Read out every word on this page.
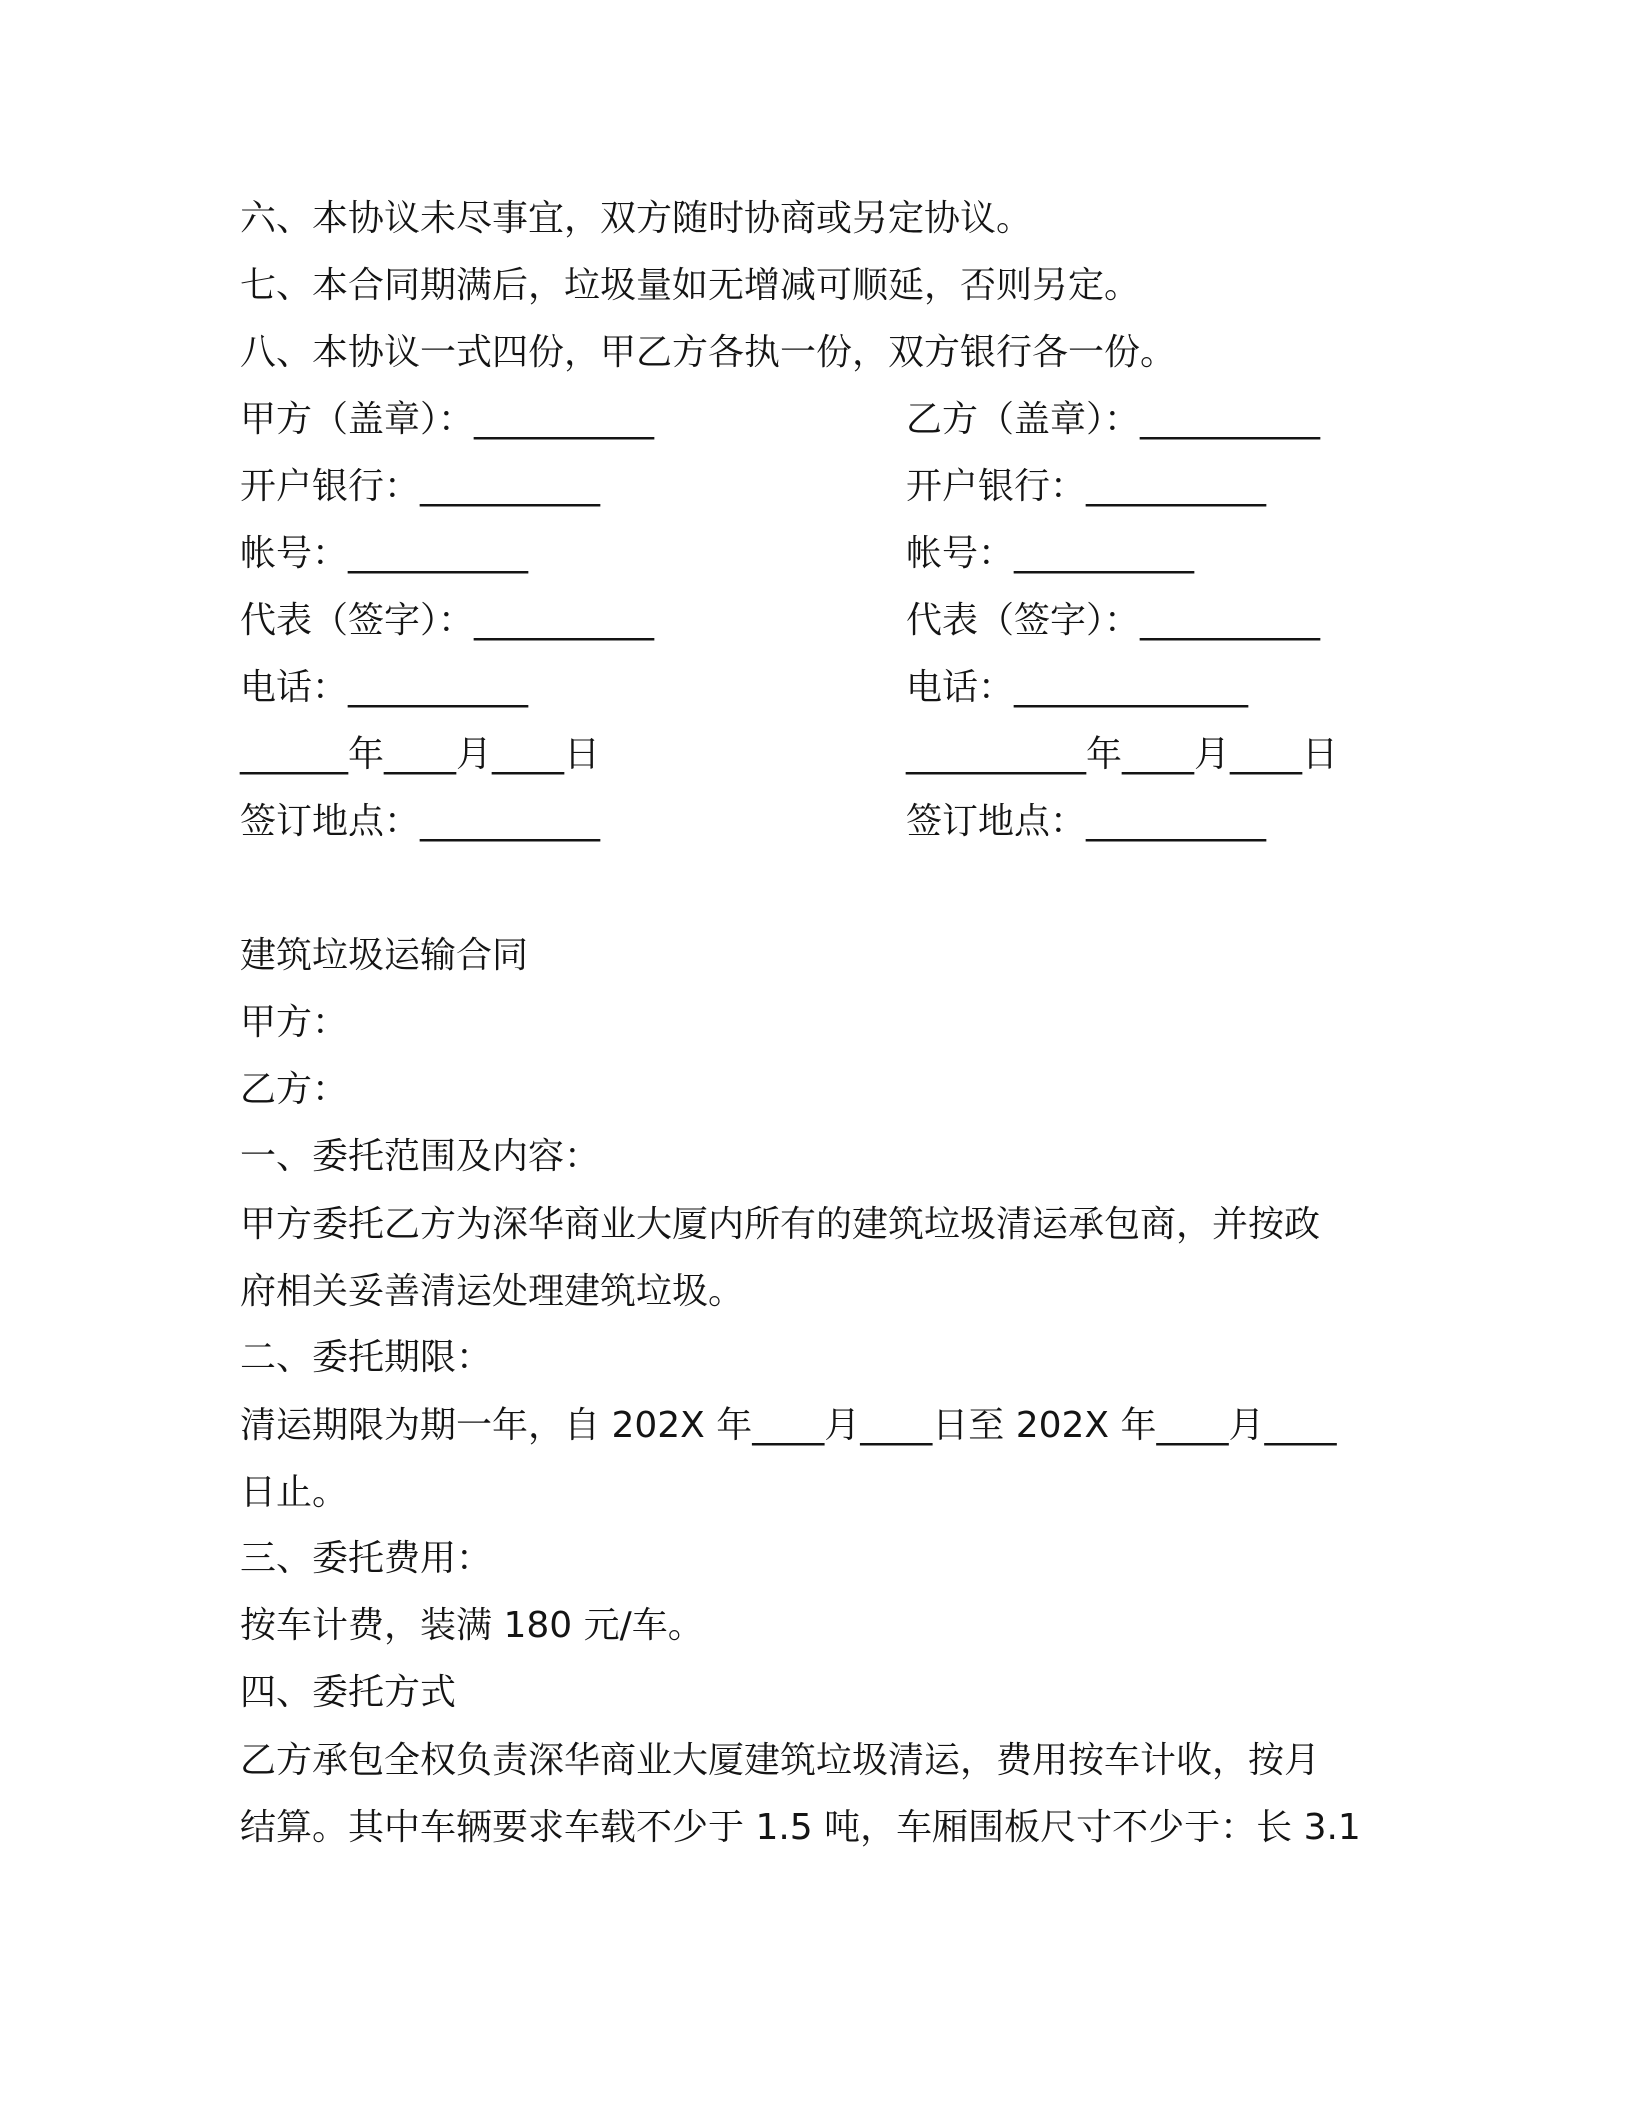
六、本协议未尽事宜，双方随时协商或另定协议。
七、本合同期满后，垃圾量如无增减可顺延，否则另定。
八、本协议一式四份，甲乙方各执一份，双方银行各一份。
甲方（盖章）：__________	乙方（盖章）：__________
开户银行：__________	开户银行：__________
帐号：__________	帐号：__________
代表（签字）：__________	代表（签字）：__________
电话：__________	电话：_____________
______年____月____日	__________年____月____日
签订地点：__________	签订地点：__________
建筑垃圾运输合同
甲方：
乙方：
一、委托范围及内容：
甲方委托乙方为深华商业大厦内所有的建筑垃圾清运承包商，并按政
府相关妥善清运处理建筑垃圾。
二、委托期限：
清运期限为期一年，自 202X 年____月____日至 202X 年____月____
日止。
三、委托费用：
按车计费，装满 180 元/车。
四、委托方式
乙方承包全权负责深华商业大厦建筑垃圾清运，费用按车计收，按月
结算。其中车辆要求车载不少于 1.5 吨，车厢围板尺寸不少于：长 3.1
